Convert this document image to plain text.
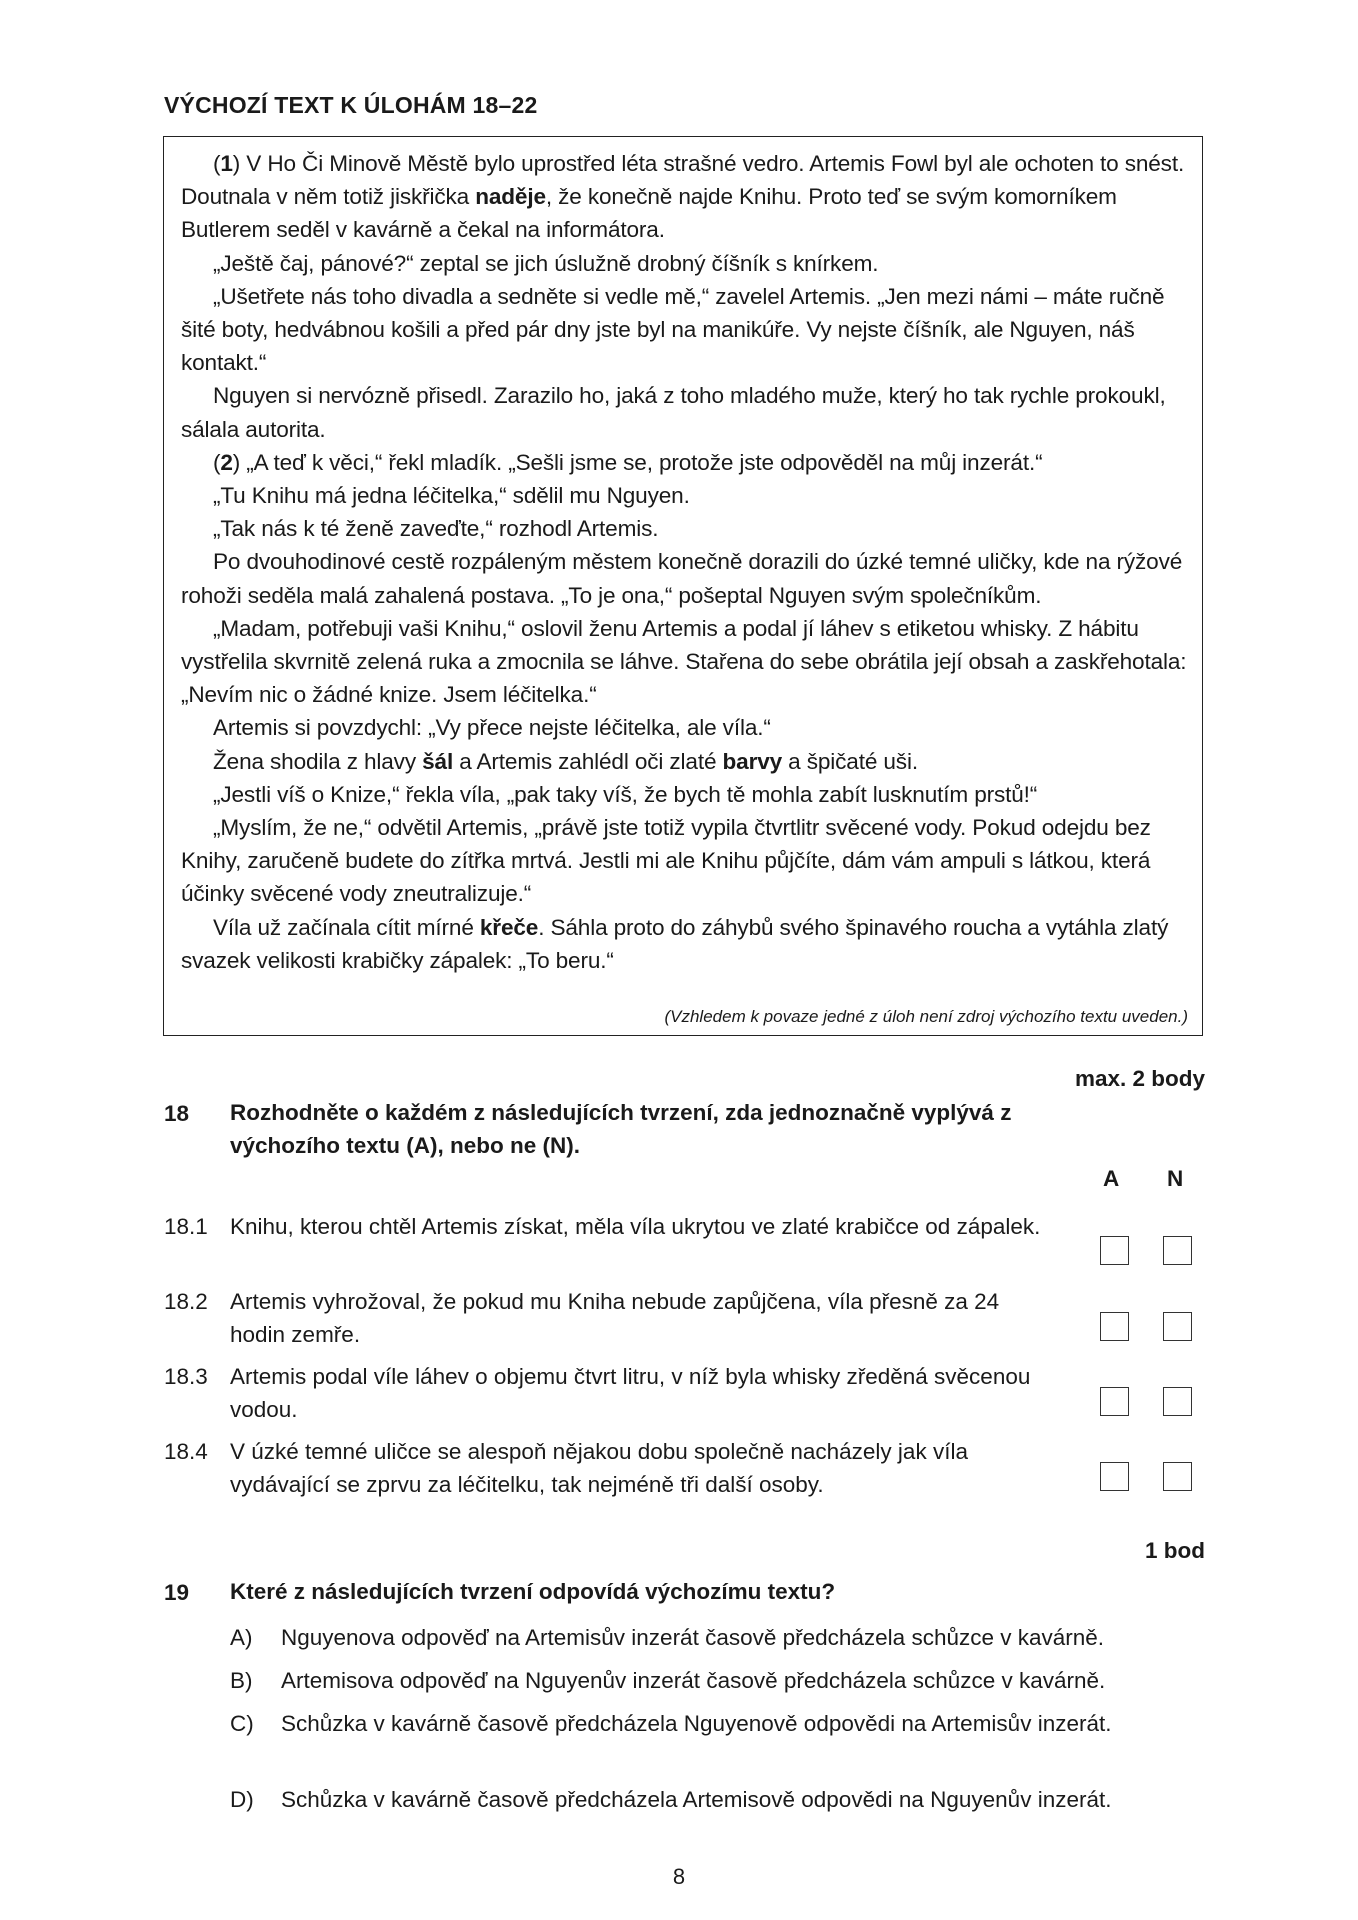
VÝCHOZÍ TEXT K ÚLOHÁM 18–22

(1) V Ho Či Minově Městě bylo uprostřed léta strašné vedro. Artemis Fowl byl ale ochoten to snést. Doutnala v něm totiž jiskřička naděje, že konečně najde Knihu. Proto teď se svým komorníkem Butlerem seděl v kavárně a čekal na informátora.

„Ještě čaj, pánové?“ zeptal se jich úslužně drobný číšník s knírkem.

„Ušetřete nás toho divadla a sedněte si vedle mě,“ zavelel Artemis. „Jen mezi námi – máte ručně šité boty, hedvábnou košili a před pár dny jste byl na manikúře. Vy nejste číšník, ale Nguyen, náš kontakt.“

Nguyen si nervózně přisedl. Zarazilo ho, jaká z toho mladého muže, který ho tak rychle prokoukl, sálala autorita.

(2) „A teď k věci,“ řekl mladík. „Sešli jsme se, protože jste odpověděl na můj inzerát.“

„Tu Knihu má jedna léčitelka,“ sdělil mu Nguyen.

„Tak nás k té ženě zaveďte,“ rozhodl Artemis.

Po dvouhodinové cestě rozpáleným městem konečně dorazili do úzké temné uličky, kde na rýžové rohoži seděla malá zahalená postava. „To je ona,“ pošeptal Nguyen svým společníkům.

„Madam, potřebuji vaši Knihu,“ oslovil ženu Artemis a podal jí láhev s etiketou whisky. Z hábitu vystřelila skvrnitě zelená ruka a zmocnila se láhve. Stařena do sebe obrátila její obsah a zaskřehotala: „Nevím nic o žádné knize. Jsem léčitelka.“

Artemis si povzdychl: „Vy přece nejste léčitelka, ale víla.“

Žena shodila z hlavy šál a Artemis zahlédl oči zlaté barvy a špičaté uši.

„Jestli víš o Knize,“ řekla víla, „pak taky víš, že bych tě mohla zabít lusknutím prstů!“

„Myslím, že ne,“ odvětil Artemis, „právě jste totiž vypila čtvrtlitr svěcené vody. Pokud odejdu bez Knihy, zaručeně budete do zítřka mrtvá. Jestli mi ale Knihu půjčíte, dám vám ampuli s látkou, která účinky svěcené vody zneutralizuje.“

Víla už začínala cítit mírné křeče. Sáhla proto do záhybů svého špinavého roucha a vytáhla zlatý svazek velikosti krabičky zápalek: „To beru.“

(Vzhledem k povaze jedné z úloh není zdroj výchozího textu uveden.)
max. 2 body
18 Rozhodněte o každém z následujících tvrzení, zda jednoznačně vyplývá z výchozího textu (A), nebo ne (N).
A N
18.1 Knihu, kterou chtěl Artemis získat, měla víla ukrytou ve zlaté krabičce od zápalek.
18.2 Artemis vyhrožoval, že pokud mu Kniha nebude zapůjčena, víla přesně za 24 hodin zemře.
18.3 Artemis podal víle láhev o objemu čtvrt litru, v níž byla whisky zředěná svěcenou vodou.
18.4 V úzké temné uličce se alespoň nějakou dobu společně nacházely jak víla vydávající se zprvu za léčitelku, tak nejméně tři další osoby.
1 bod
19 Které z následujících tvrzení odpovídá výchozímu textu?
A) Nguyenova odpověď na Artemisův inzerát časově předcházela schůzce v kavárně.
B) Artemisova odpověď na Nguyenův inzerát časově předcházela schůzce v kavárně.
C) Schůzka v kavárně časově předcházela Nguyenově odpovědi na Artemisův inzerát.
D) Schůzka v kavárně časově předcházela Artemisově odpovědi na Nguyenův inzerát.
8
